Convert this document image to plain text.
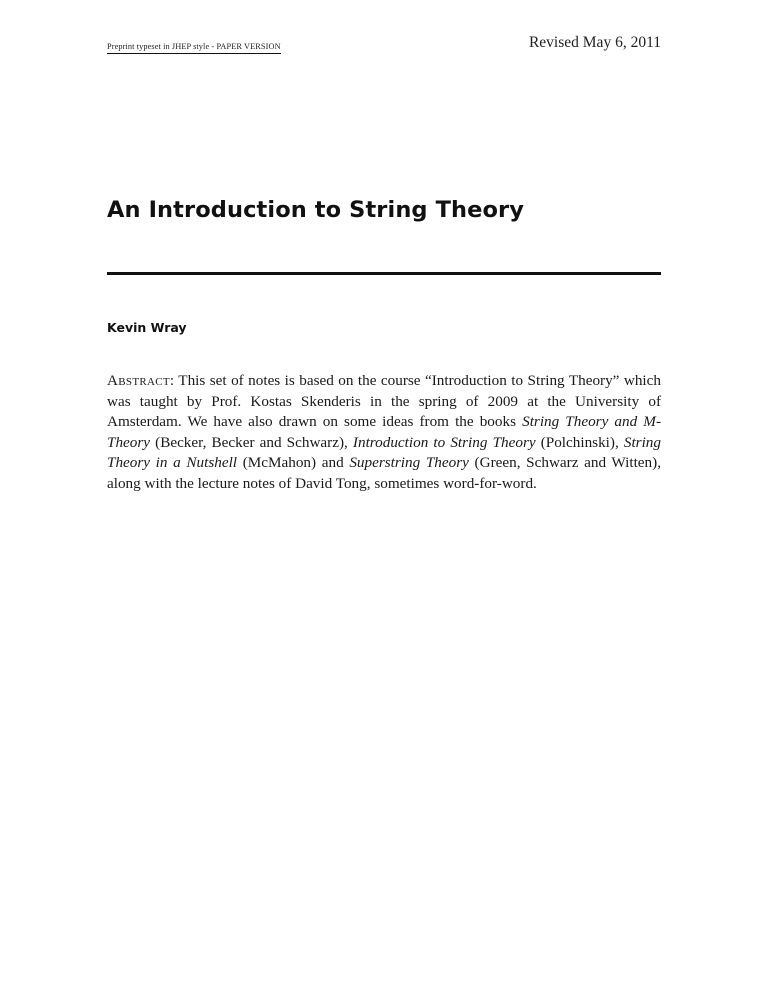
Preprint typeset in JHEP style - PAPER VERSION	Revised May 6, 2011
An Introduction to String Theory
Kevin Wray

Abstract: This set of notes is based on the course “Introduction to String Theory” which was taught by Prof. Kostas Skenderis in the spring of 2009 at the University of Amsterdam. We have also drawn on some ideas from the books String Theory and M-Theory (Becker, Becker and Schwarz), Introduction to String Theory (Polchinski), String Theory in a Nutshell (McMahon) and Superstring Theory (Green, Schwarz and Witten), along with the lecture notes of David Tong, sometimes word-for-word.
